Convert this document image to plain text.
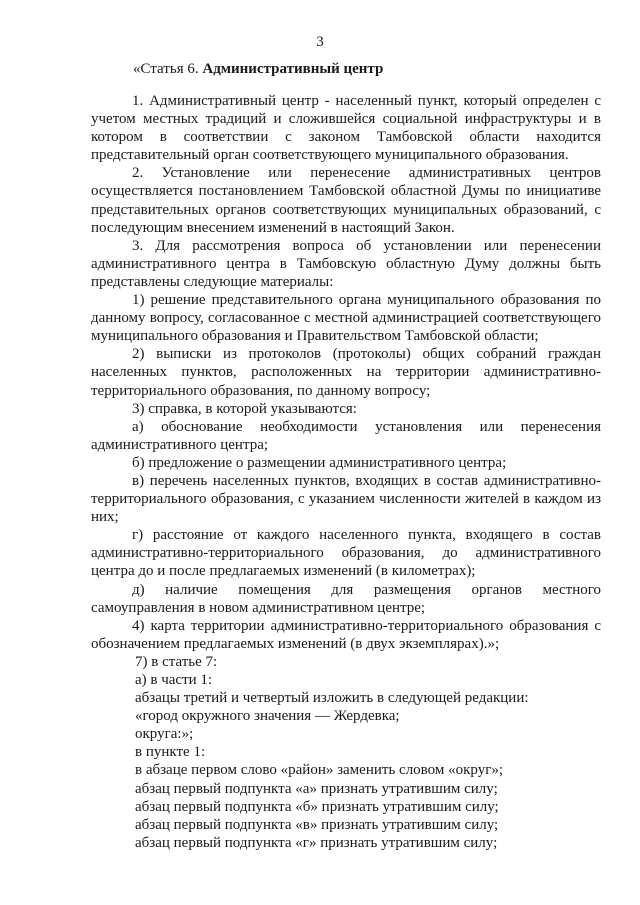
3
«Статья 6. Административный центр

1. Административный центр - населенный пункт, который определен с учетом местных традиций и сложившейся социальной инфраструктуры и в котором в соответствии с законом Тамбовской области находится представительный орган соответствующего муниципального образования.

2. Установление или перенесение административных центров осуществляется постановлением Тамбовской областной Думы по инициативе представительных органов соответствующих муниципальных образований, с последующим внесением изменений в настоящий Закон.

3. Для рассмотрения вопроса об установлении или перенесении административного центра в Тамбовскую областную Думу должны быть представлены следующие материалы:

1) решение представительного органа муниципального образования по данному вопросу, согласованное с местной администрацией соответствующего муниципального образования и Правительством Тамбовской области;

2) выписки из протоколов (протоколы) общих собраний граждан населенных пунктов, расположенных на территории административно-территориального образования, по данному вопросу;

3) справка, в которой указываются:

а) обоснование необходимости установления или перенесения административного центра;

б) предложение о размещении административного центра;

в) перечень населенных пунктов, входящих в состав административно-территориального образования, с указанием численности жителей в каждом из них;

г) расстояние от каждого населенного пункта, входящего в состав административно-территориального образования, до административного центра до и после предлагаемых изменений (в километрах);

д) наличие помещения для размещения органов местного самоуправления в новом административном центре;

4) карта территории административно-территориального образования с обозначением предлагаемых изменений (в двух экземплярах).»;

7) в статье 7:

а) в части 1:

абзацы третий и четвертый изложить в следующей редакции:

«город окружного значения — Жердевка;

округа:»;

в пункте 1:

в абзаце первом слово «район» заменить словом «округ»;

абзац первый подпункта «а» признать утратившим силу;

абзац первый подпункта «б» признать утратившим силу;

абзац первый подпункта «в» признать утратившим силу;

абзац первый подпункта «г» признать утратившим силу;
